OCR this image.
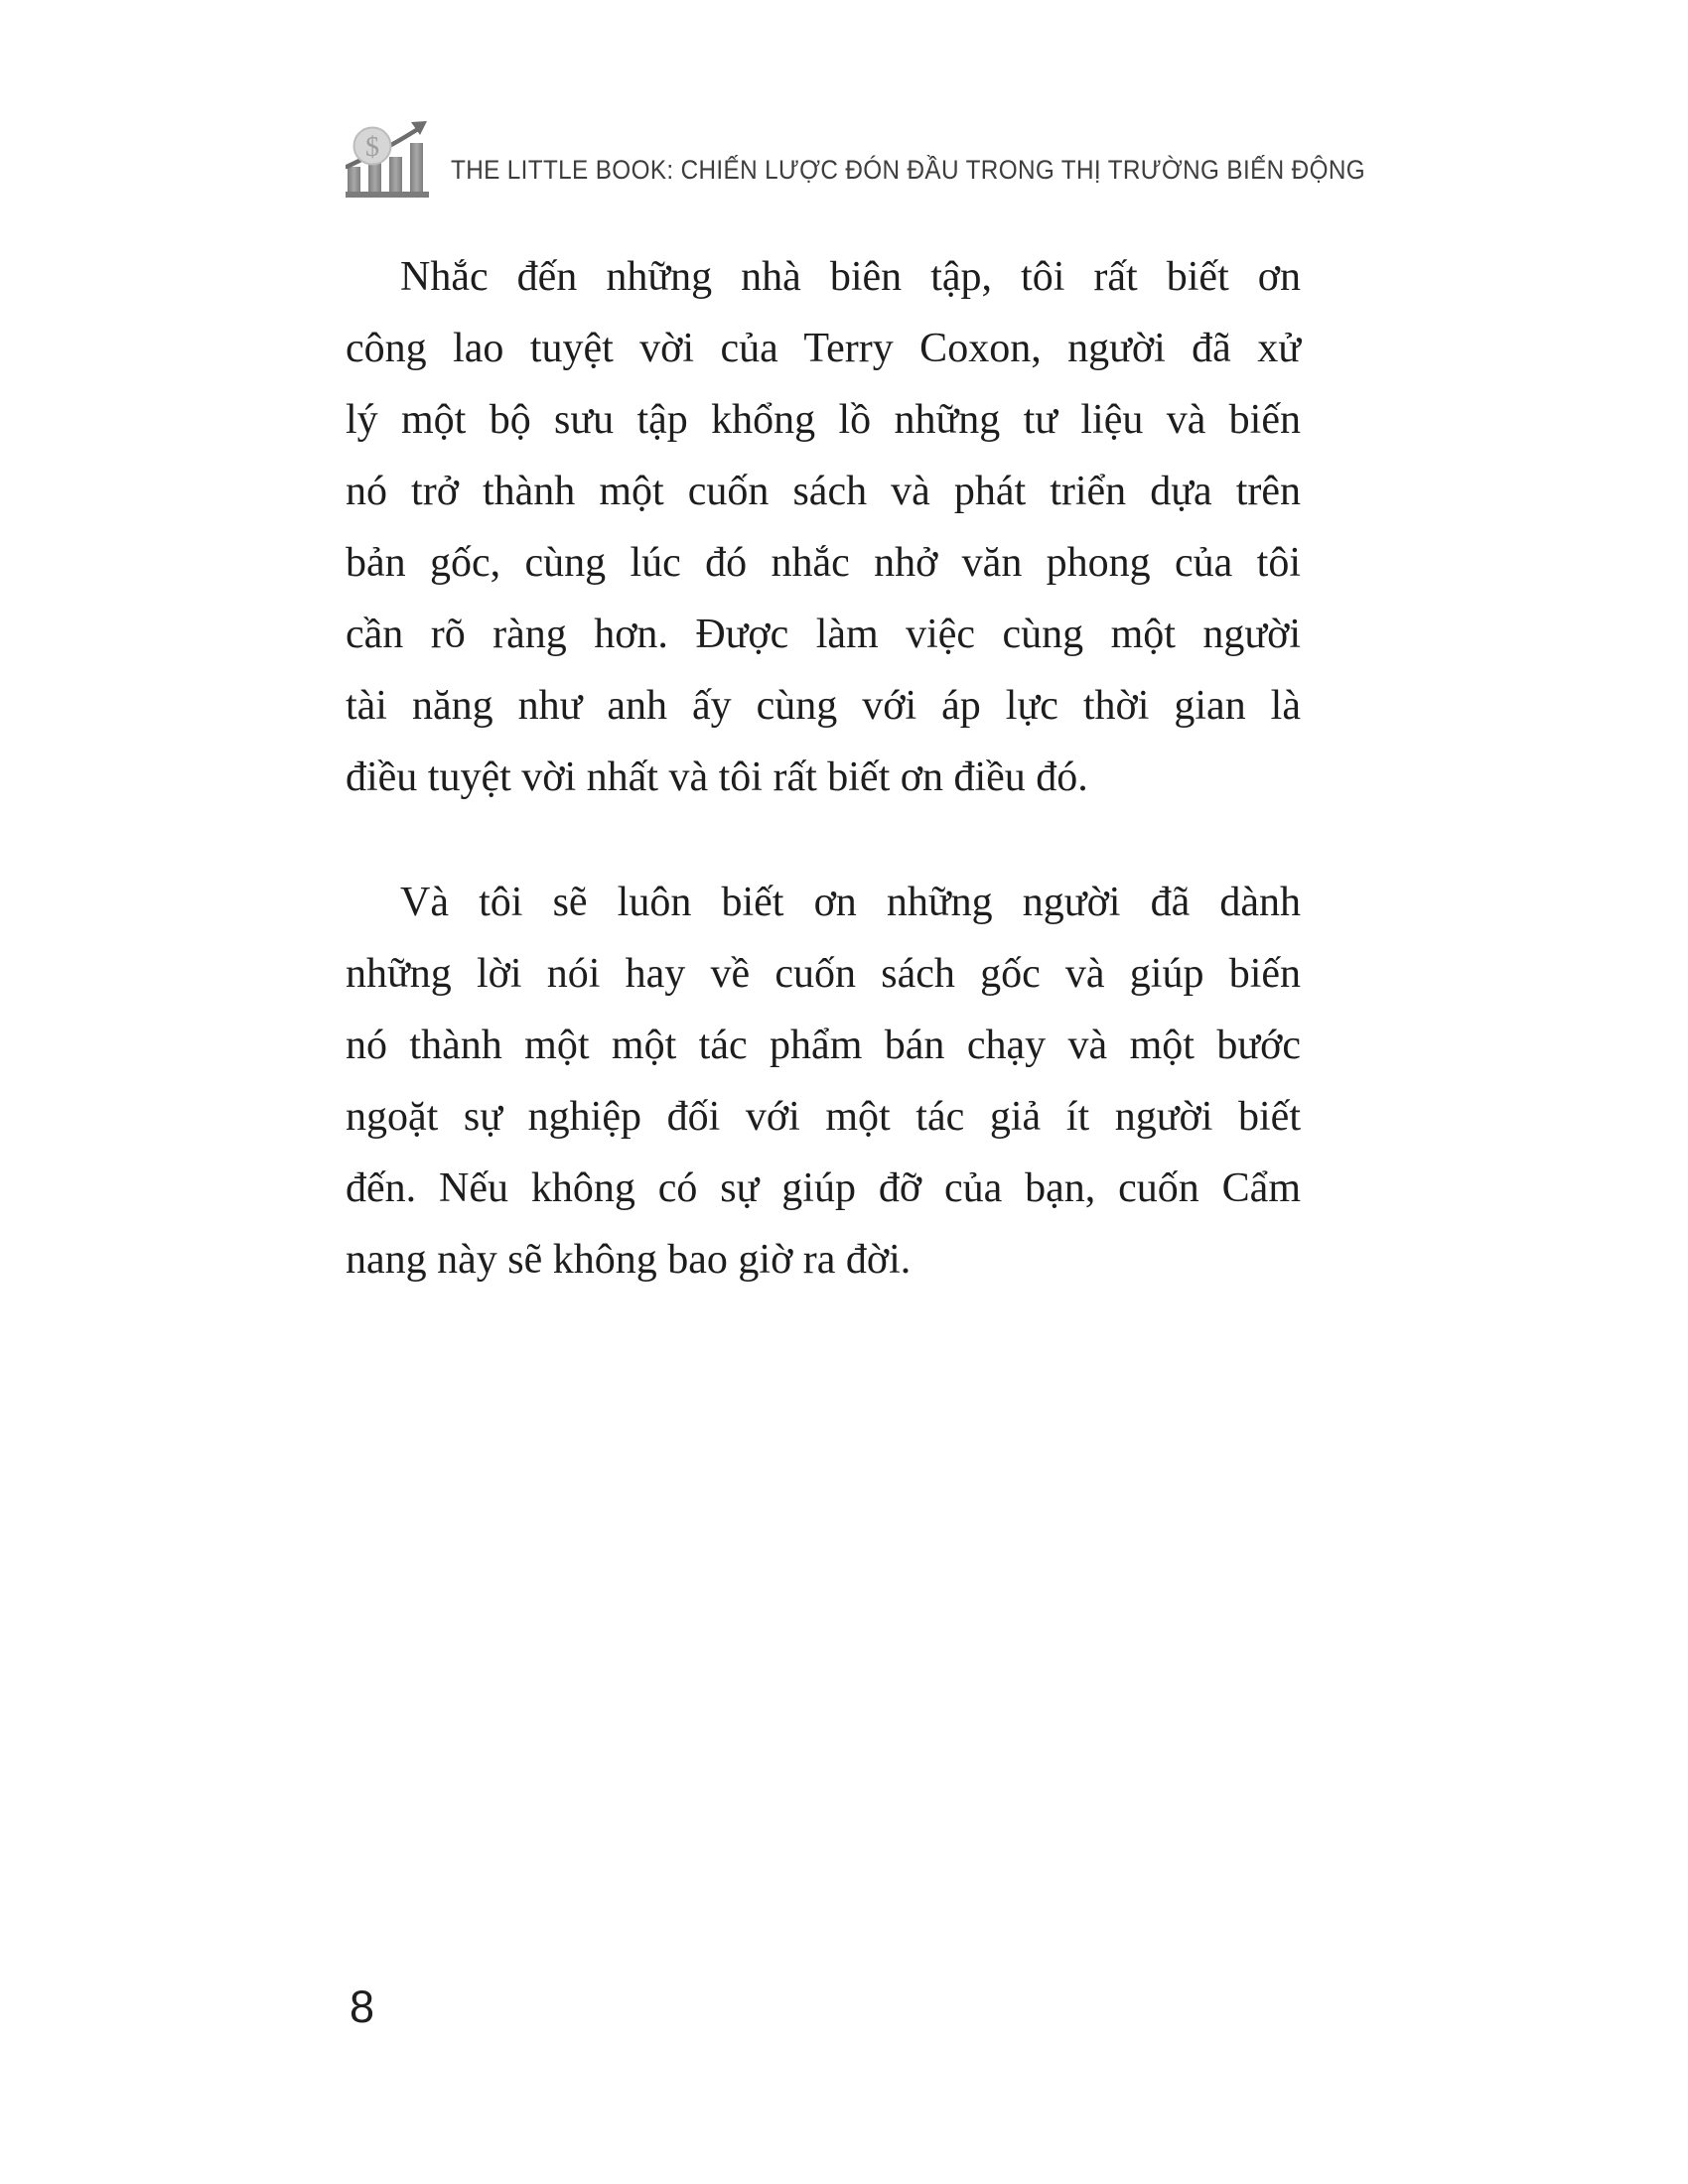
$
THE LITTLE BOOK: CHIẾN LƯỢC ĐÓN ĐẦU TRONG THỊ TRƯỜNG BIẾN ĐỘNG
Nhắc đến những nhà biên tập, tôi rất biết ơn
công lao tuyệt vời của Terry Coxon, người đã xử
lý một bộ sưu tập khổng lồ những tư liệu và biến
nó trở thành một cuốn sách và phát triển dựa trên
bản gốc, cùng lúc đó nhắc nhở văn phong của tôi
cần rõ ràng hơn. Được làm việc cùng một người
tài năng như anh ấy cùng với áp lực thời gian là
điều tuyệt vời nhất và tôi rất biết ơn điều đó.
Và tôi sẽ luôn biết ơn những người đã dành
những lời nói hay về cuốn sách gốc và giúp biến
nó thành một một tác phẩm bán chạy và một bước
ngoặt sự nghiệp đối với một tác giả ít người biết
đến. Nếu không có sự giúp đỡ của bạn, cuốn Cẩm
nang này sẽ không bao giờ ra đời.
8
